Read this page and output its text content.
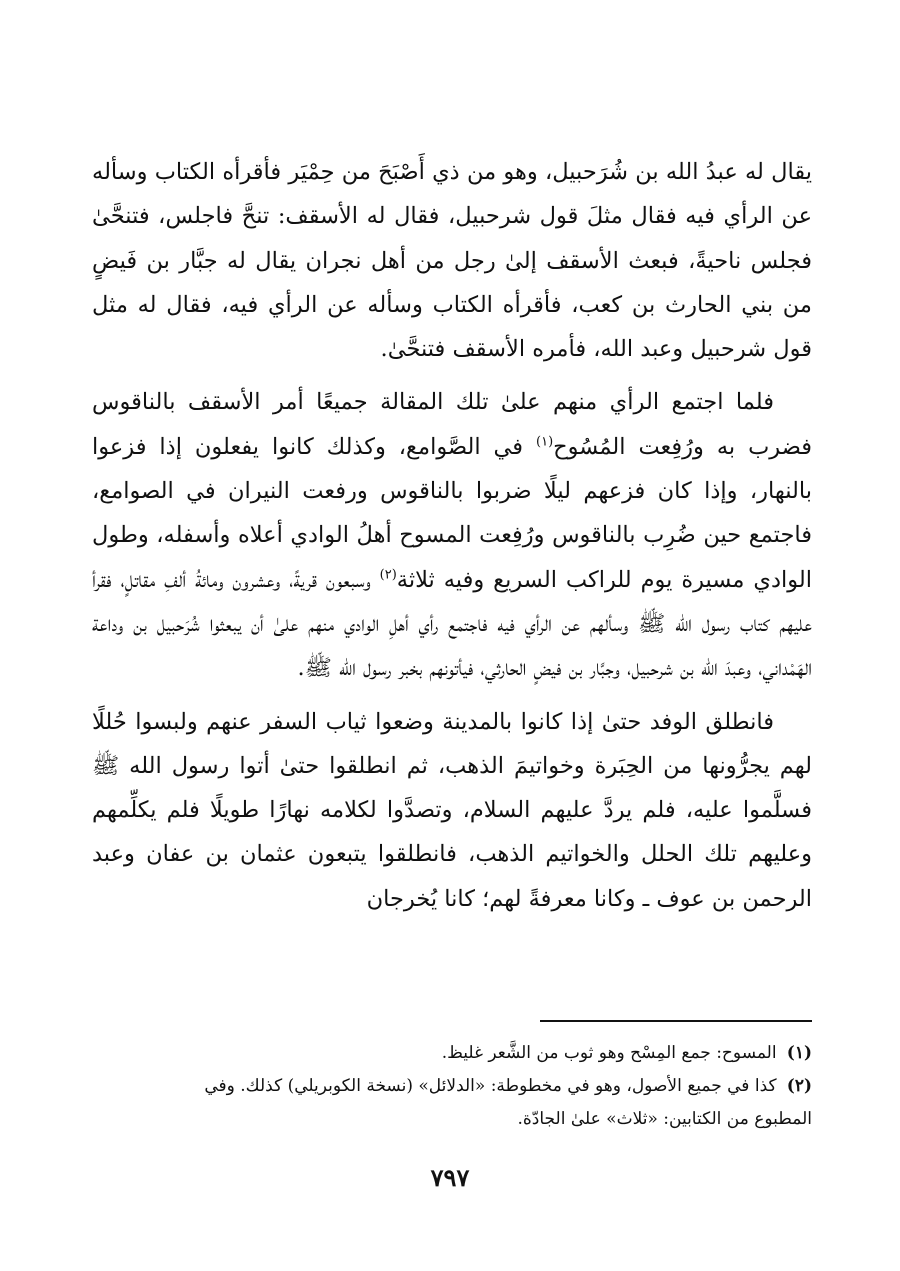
يقال له عبدُ الله بن شُرَحبيل، وهو من ذي أَصْبَحَ من حِمْيَر فأقرأه الكتاب وسأله عن الرأي فيه فقال مثلَ قول شرحبيل، فقال له الأسقف: تنحَّ فاجلس، فتنحَّىٰ فجلس ناحيةً، فبعث الأسقف إلىٰ رجل من أهل نجران يقال له جبَّار بن فَيضٍ من بني الحارث بن كعب، فأقرأه الكتاب وسأله عن الرأي فيه، فقال له مثل قول شرحبيل وعبد الله، فأمره الأسقف فتنحَّىٰ.

فلما اجتمع الرأي منهم علىٰ تلك المقالة جميعًا أمر الأسقف بالناقوس فضرب به ورُفِعت المُسُوح$^{(١)}$ في الصَّوامع، وكذلك كانوا يفعلون إذا فزعوا بالنهار، وإذا كان فزعهم ليلًا ضربوا بالناقوس ورفعت النيران في الصوامع، فاجتمع حين ضُرِب بالناقوس ورُفِعت المسوح أهلُ الوادي أعلاه وأسفله، وطول الوادي مسيرة يوم للراكب السريع وفيه ثلاثة$^{(٢)}$ وسبعون قريةً، وعشرون ومائةُ ألفِ مقاتلٍ، فقرأ عليهم كتاب رسول الله ﷺ وسألهم عن الرأي فيه فاجتمع رأي أهلِ الوادي منهم علىٰ أن يبعثوا شُرَحبيل بن وداعة الهَمْداني، وعبدَ الله بن شرحبيل، وجبَّار بن فيضٍ الحارثي، فيأتونهم بخبر رسول الله ﷺ.

فانطلق الوفد حتىٰ إذا كانوا بالمدينة وضعوا ثياب السفر عنهم ولبسوا حُللًا لهم يجرُّونها من الحِبَرة وخواتيمَ الذهب، ثم انطلقوا حتىٰ أتوا رسول الله ﷺ فسلَّموا عليه، فلم يردَّ عليهم السلام، وتصدَّوا لكلامه نهارًا طويلًا فلم يكلِّمهم وعليهم تلك الحلل والخواتيم الذهب، فانطلقوا يتبعون عثمان بن عفان وعبد الرحمن بن عوف ـ وكانا معرفةً لهم؛ كانا يُخرجان

(١) المسوح: جمع المِسْح وهو ثوب من الشَّعر غليظ.

(٢) كذا في جميع الأصول، وهو في مخطوطة: «الدلائل» (نسخة الكوبريلي) كذلك. وفي
المطبوع من الكتابين: «ثلاث» علىٰ الجادّة.

٧٩٧
